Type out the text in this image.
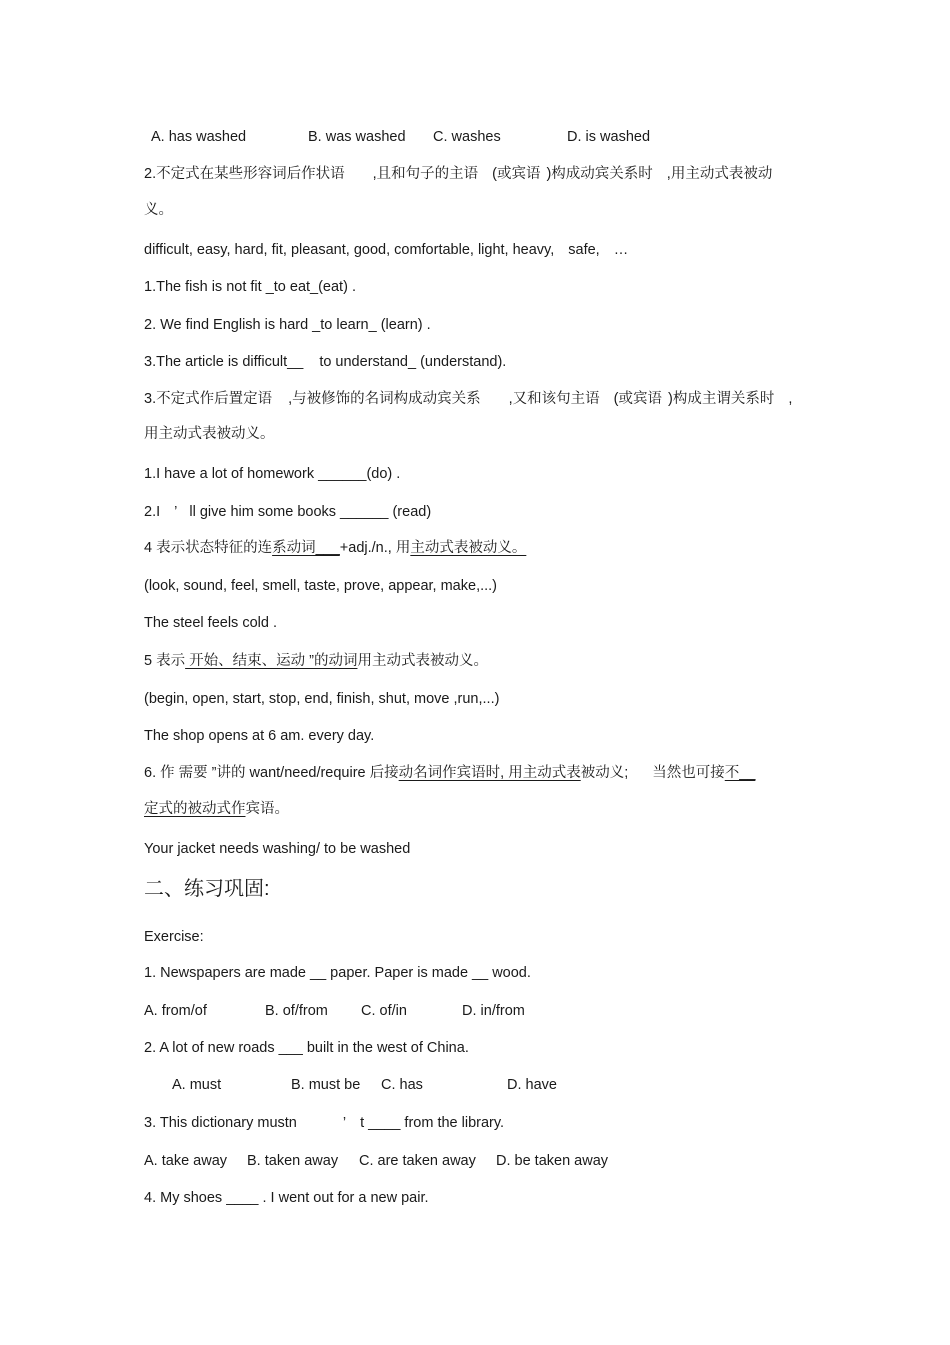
A. has washed	B. was washed C. washes	D. is washed
2.不定式在某些形容词后作状语 ,且和句子的主语 (或宾语 )构成动宾关系时 ,用主动式表被动
义。
difficult, easy, hard, fit, pleasant, good, comfortable, light, heavy, safe, …
1.The fish is not fit _to eat_(eat) .
2. We find English is hard _to learn_ (learn) .
3.The article is difficult__ to understand_ (understand).
3.不定式作后置定语 ,与被修饰的名词构成动宾关系 ,又和该句主语 (或宾语 )构成主谓关系时 ,
用主动式表被动义。
1.I have a lot of homework ______(do) .
2.I ’ ll give him some books ______ (read)
4 表示状态特征的连系动词___+adj./n., 用主动式表被动义。
(look, sound, feel, smell, taste, prove, appear, make,...)
The steel feels cold .
5 表示 开始、结束、运动 ”的动词用主动式表被动义。
(begin, open, start, stop, end, finish, shut, move ,run,...)
The shop opens at 6 am. every day.
6. 作 需要 ”讲的 want/need/require 后接动名词作宾语时, 用主动式表被动义; 当然也可接不__
定式的被动式作宾语。
Your jacket needs washing/ to be washed
二、练习巩固:
Exercise:
1. Newspapers are made __ paper. Paper is made __ wood.
A. from/of	B. of/from C. of/in	D. in/from
2. A lot of new roads ___ built in the west of China.
A. must	B. must be C. has	D. have
3. This dictionary mustn	’ t ____ from the library.
A. take away B. taken away C. are taken away D. be taken away
4. My shoes ____ . I went out for a new pair.
